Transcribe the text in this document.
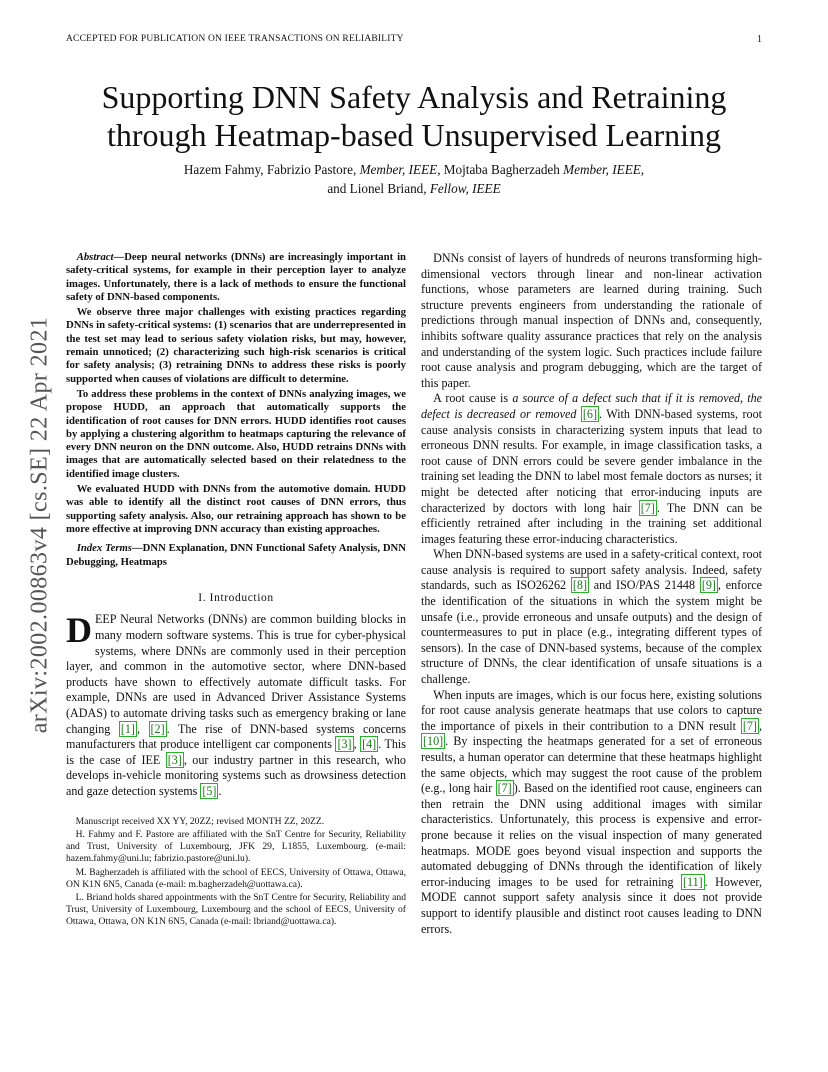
ACCEPTED FOR PUBLICATION ON IEEE TRANSACTIONS ON RELIABILITY	1
Supporting DNN Safety Analysis and Retraining
through Heatmap-based Unsupervised Learning
Hazem Fahmy, Fabrizio Pastore, Member, IEEE, Mojtaba Bagherzadeh Member, IEEE,
and Lionel Briand, Fellow, IEEE
arXiv:2002.00863v4 [cs.SE] 22 Apr 2021

Abstract—Deep neural networks (DNNs) are increasingly important in safety-critical systems, for example in their perception layer to analyze images. Unfortunately, there is a lack of methods to ensure the functional safety of DNN-based components.

We observe three major challenges with existing practices regarding DNNs in safety-critical systems: (1) scenarios that are underrepresented in the test set may lead to serious safety violation risks, but may, however, remain unnoticed; (2) characterizing such high-risk scenarios is critical for safety analysis; (3) retraining DNNs to address these risks is poorly supported when causes of violations are difficult to determine.

To address these problems in the context of DNNs analyzing images, we propose HUDD, an approach that automatically supports the identification of root causes for DNN errors. HUDD identifies root causes by applying a clustering algorithm to heatmaps capturing the relevance of every DNN neuron on the DNN outcome. Also, HUDD retrains DNNs with images that are automatically selected based on their relatedness to the identified image clusters.

We evaluated HUDD with DNNs from the automotive domain. HUDD was able to identify all the distinct root causes of DNN errors, thus supporting safety analysis. Also, our retraining approach has shown to be more effective at improving DNN accuracy than existing approaches.

Index Terms—DNN Explanation, DNN Functional Safety Analysis, DNN Debugging, Heatmaps

I. Introduction

DEEP Neural Networks (DNNs) are common building blocks in many modern software systems. This is true for cyber-physical systems, where DNNs are commonly used in their perception layer, and common in the automotive sector, where DNN-based products have shown to effectively automate difficult tasks. For example, DNNs are used in Advanced Driver Assistance Systems (ADAS) to automate driving tasks such as emergency braking or lane changing [1] , [2] . The rise of DNN-based systems concerns manufacturers that produce intelligent car components [3] , [4] . This is the case of IEE [3] , our industry partner in this research, who develops in-vehicle monitoring systems such as drowsiness detection and gaze detection systems [5] .

Manuscript received XX YY, 20ZZ; revised MONTH ZZ, 20ZZ.

H. Fahmy and F. Pastore are affiliated with the SnT Centre for Security, Reliability and Trust, University of Luxembourg, JFK 29, L1855, Luxembourg. (e-mail: hazem.fahmy@uni.lu; fabrizio.pastore@uni.lu).

M. Bagherzadeh is affiliated with the school of EECS, University of Ottawa, Ottawa, ON K1N 6N5, Canada (e-mail: m.bagherzadeh@uottawa.ca).

L. Briand holds shared appointments with the SnT Centre for Security, Reliability and Trust, University of Luxembourg, Luxembourg and the school of EECS, University of Ottawa, Ottawa, ON K1N 6N5, Canada (e-mail: lbriand@uottawa.ca).

DNNs consist of layers of hundreds of neurons transforming high-dimensional vectors through linear and non-linear activation functions, whose parameters are learned during training. Such structure prevents engineers from understanding the rationale of predictions through manual inspection of DNNs and, consequently, inhibits software quality assurance practices that rely on the analysis and understanding of the system logic. Such practices include failure root cause analysis and program debugging, which are the target of this paper.

A root cause is a source of a defect such that if it is removed, the defect is decreased or removed [6] . With DNN-based systems, root cause analysis consists in characterizing system inputs that lead to erroneous DNN results. For example, in image classification tasks, a root cause of DNN errors could be severe gender imbalance in the training set leading the DNN to label most female doctors as nurses; it might be detected after noticing that error-inducing inputs are characterized by doctors with long hair [7] . The DNN can be efficiently retrained after including in the training set additional images featuring these error-inducing characteristics.

When DNN-based systems are used in a safety-critical context, root cause analysis is required to support safety analysis. Indeed, safety standards, such as ISO26262 [8] and ISO/PAS 21448 [9] , enforce the identification of the situations in which the system might be unsafe (i.e., provide erroneous and unsafe outputs) and the design of countermeasures to put in place (e.g., integrating different types of sensors). In the case of DNN-based systems, because of the complex structure of DNNs, the clear identification of unsafe situations is a challenge.

When inputs are images, which is our focus here, existing solutions for root cause analysis generate heatmaps that use colors to capture the importance of pixels in their contribution to a DNN result [7] , [10] . By inspecting the heatmaps generated for a set of erroneous results, a human operator can determine that these heatmaps highlight the same objects, which may suggest the root cause of the problem (e.g., long hair [7] ). Based on the identified root cause, engineers can then retrain the DNN using additional images with similar characteristics. Unfortunately, this process is expensive and error-prone because it relies on the visual inspection of many generated heatmaps. MODE goes beyond visual inspection and supports the automated debugging of DNNs through the identification of likely error-inducing images to be used for retraining [11] . However, MODE cannot support safety analysis since it does not provide support to identify plausible and distinct root causes leading to DNN errors.
